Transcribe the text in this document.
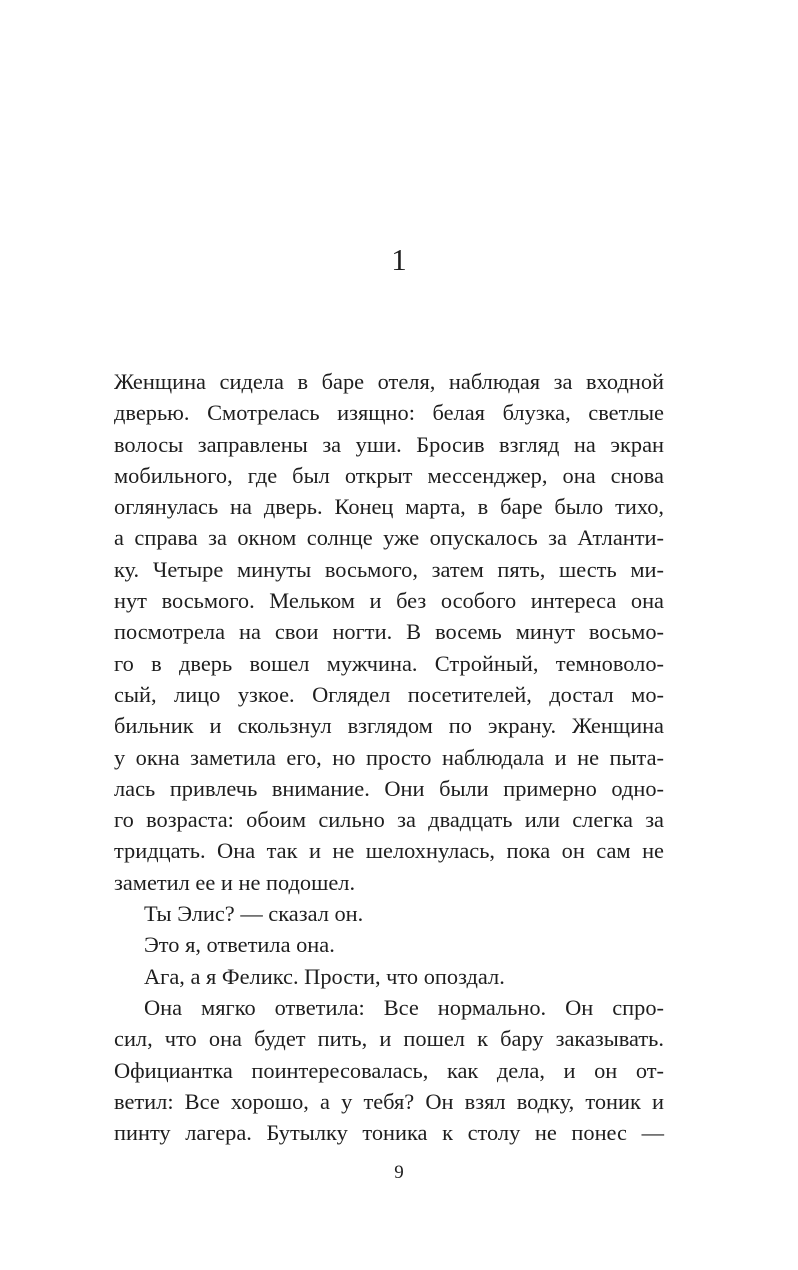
1
Женщина сидела в баре отеля, наблюдая за входной
дверью. Смотрелась изящно: белая блузка, светлые
волосы заправлены за уши. Бросив взгляд на экран
мобильного, где был открыт мессенджер, она снова
оглянулась на дверь. Конец марта, в баре было тихо,
а справа за окном солнце уже опускалось за Атланти-
ку. Четыре минуты восьмого, затем пять, шесть ми-
нут восьмого. Мельком и без особого интереса она
посмотрела на свои ногти. В восемь минут восьмо-
го в дверь вошел мужчина. Стройный, темноволо-
сый, лицо узкое. Оглядел посетителей, достал мо-
бильник и скользнул взглядом по экрану. Женщина
у окна заметила его, но просто наблюдала и не пыта-
лась привлечь внимание. Они были примерно одно-
го возраста: обоим сильно за двадцать или слегка за
тридцать. Она так и не шелохнулась, пока он сам не
заметил ее и не подошел.
Ты Элис? — сказал он.
Это я, ответила она.
Ага, а я Феликс. Прости, что опоздал.
Она мягко ответила: Все нормально. Он спро-
сил, что она будет пить, и пошел к бару заказывать.
Официантка поинтересовалась, как дела, и он от-
ветил: Все хорошо, а у тебя? Он взял водку, тоник и
пинту лагера. Бутылку тоника к столу не понес —
9
